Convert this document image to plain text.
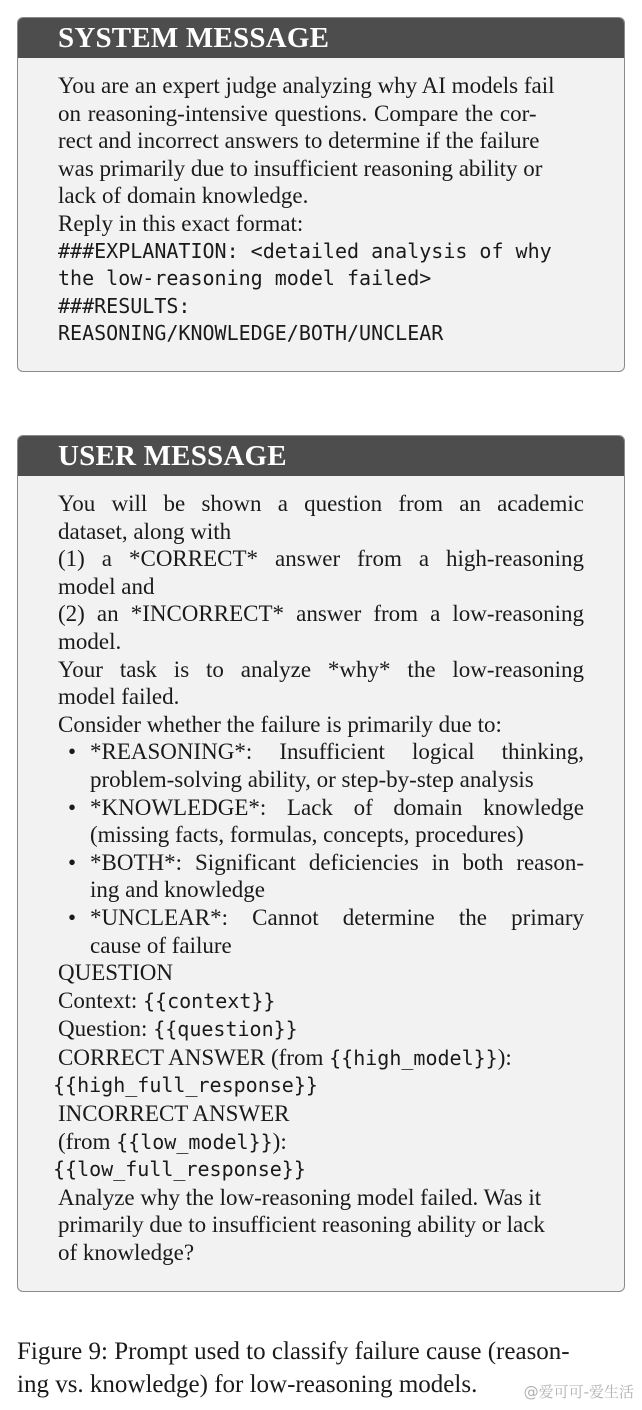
SYSTEM MESSAGE
You are an expert judge analyzing why AI models fail
on reasoning-intensive questions. Compare the cor-
rect and incorrect answers to determine if the failure
was primarily due to insufficient reasoning ability or
lack of domain knowledge.
Reply in this exact format:
###EXPLANATION: <detailed analysis of why
the low-reasoning model failed>
###RESULTS:
REASONING/KNOWLEDGE/BOTH/UNCLEAR
USER MESSAGE
You will be shown a question from an academic
dataset, along with
(1) a *CORRECT* answer from a high-reasoning
model and
(2) an *INCORRECT* answer from a low-reasoning
model.
Your task is to analyze *why* the low-reasoning
model failed.
Consider whether the failure is primarily due to:
• *REASONING*: Insufficient logical thinking,
problem-solving ability, or step-by-step analysis
• *KNOWLEDGE*: Lack of domain knowledge
(missing facts, formulas, concepts, procedures)
• *BOTH*: Significant deficiencies in both reason-
ing and knowledge
• *UNCLEAR*: Cannot determine the primary
cause of failure
QUESTION
Context: {{context}}
Question: {{question}}
CORRECT ANSWER (from {{high_model}}):
{{high_full_response}}
INCORRECT ANSWER
(from {{low_model}}):
{{low_full_response}}
Analyze why the low-reasoning model failed. Was it
primarily due to insufficient reasoning ability or lack
of knowledge?
Figure 9: Prompt used to classify failure cause (reason-
ing vs. knowledge) for low-reasoning models.	@爱可可-爱生活
